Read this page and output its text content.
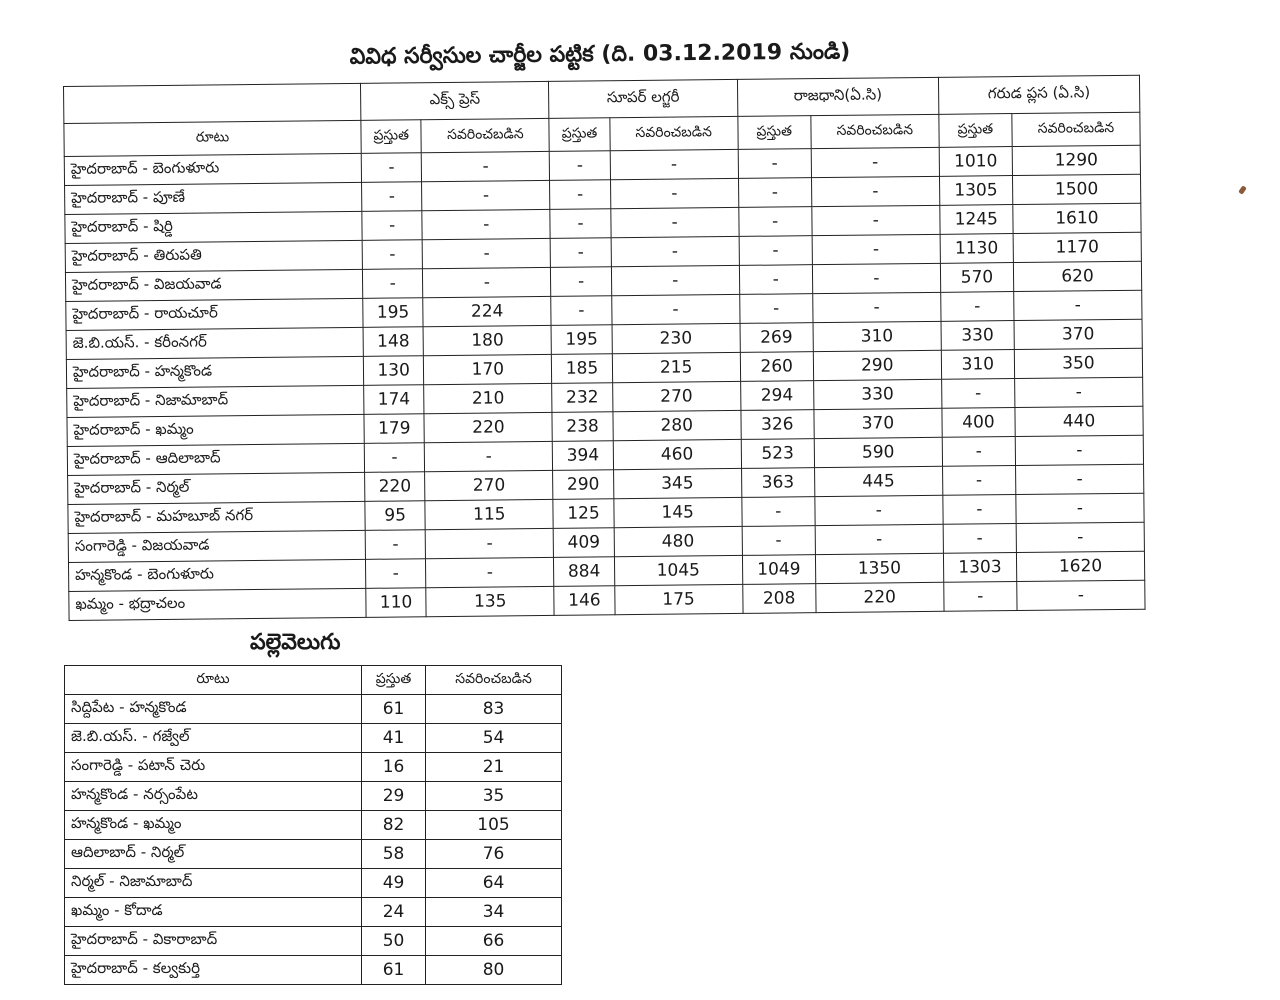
వివిధ సర్వీసుల చార్జీల పట్టిక (ది. 03.12.2019 నుండి)
	ఎక్స్ ప్రెస్		సూపర్ లగ్జరీ		రాజధాని(ఏ.సి)		గరుడ ప్లస (ఏ.సి)	
రూటు	ప్రస్తుత	సవరించబడిన	ప్రస్తుత	సవరించబడిన	ప్రస్తుత	సవరించబడిన	ప్రస్తుత	సవరించబడిన
హైదరాబాద్ - బెంగుళూరు	-	-	-	-	-	-	1010	1290
హైదరాబాద్ - పూణే	-	-	-	-	-	-	1305	1500
హైదరాబాద్ - షిర్డి	-	-	-	-	-	-	1245	1610
హైదరాబాద్ - తిరుపతి	-	-	-	-	-	-	1130	1170
హైదరాబాద్ - విజయవాడ	-	-	-	-	-	-	570	620
హైదరాబాద్ - రాయచూర్	195	224	-	-	-	-	-	-
జె.బి.యస్. - కరీంనగర్	148	180	195	230	269	310	330	370
హైదరాబాద్ - హన్మకొండ	130	170	185	215	260	290	310	350
హైదరాబాద్ - నిజామాబాద్	174	210	232	270	294	330	-	-
హైదరాబాద్ - ఖమ్మం	179	220	238	280	326	370	400	440
హైదరాబాద్ - ఆదిలాబాద్	-	-	394	460	523	590	-	-
హైదరాబాద్ - నిర్మల్	220	270	290	345	363	445	-	-
హైదరాబాద్ - మహబూబ్ నగర్	95	115	125	145	-	-	-	-
సంగారెడ్డి - విజయవాడ	-	-	409	480	-	-	-	-
హన్మకొండ - బెంగుళూరు	-	-	884	1045	1049	1350	1303	1620
ఖమ్మం - భద్రాచలం	110	135	146	175	208	220	-	-
పల్లెవెలుగు
రూటు	ప్రస్తుత	సవరించబడిన
సిద్దిపేట - హన్మకొండ	61	83
జె.బి.యస్. - గజ్వేల్	41	54
సంగారెడ్డి - పటాన్ చెరు	16	21
హన్మకొండ - నర్సంపేట	29	35
హన్మకొండ - ఖమ్మం	82	105
ఆదిలాబాద్ - నిర్మల్	58	76
నిర్మల్ - నిజామాబాద్	49	64
ఖమ్మం - కోదాడ	24	34
హైదరాబాద్ - వికారాబాద్	50	66
హైదరాబాద్ - కల్వకుర్తి	61	80
